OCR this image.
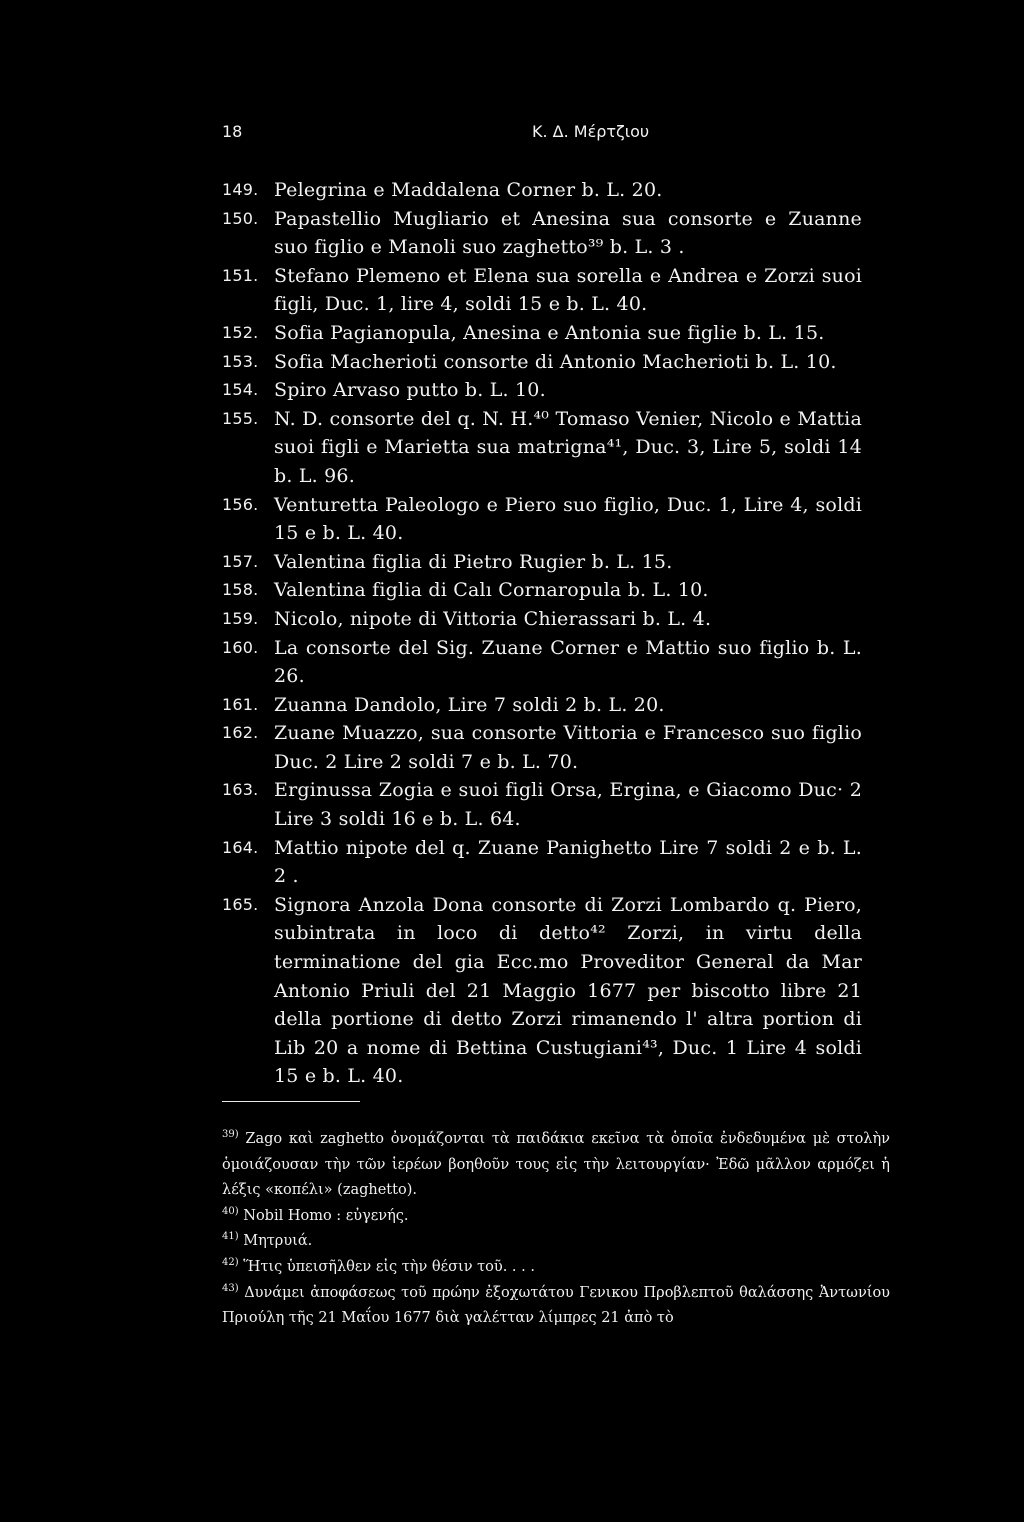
18	Κ. Δ. Μέρτζιου
149. Pelegrina e Maddalena Corner b. L. 20.
150. Papastellio Mugliario et Anesina sua consorte e Zuanne suo figlio e Manoli suo zaghetto³⁹ b. L. 3 .
151. Stefano Plemeno et Elena sua sorella e Andrea e Zorzi suoi figli, Duc. 1, lire 4, soldi 15 e b. L. 40.
152. Sofia Pagianopula, Anesina e Antonia sue figlie b. L. 15.
153. Sofia Macherioti consorte di Antonio Macherioti b. L. 10.
154. Spiro Arvaso putto b. L. 10.
155. N. D. consorte del q. N. H.⁴⁰ Tomaso Venier, Nicolo e Mattia suoi figli e Marietta sua matrigna⁴¹, Duc. 3, Lire 5, soldi 14 b. L. 96.
156. Venturetta Paleologo e Piero suo figlio, Duc. 1, Lire 4, soldi 15 e b. L. 40.
157. Valentina figlia di Pietro Rugier b. L. 15.
158. Valentina figlia di Calı Cornaropula b. L. 10.
159. Nicolo, nipote di Vittoria Chierassari b. L. 4.
160. La consorte del Sig. Zuane Corner e Mattio suo figlio b. L. 26.
161. Zuanna Dandolo, Lire 7 soldi 2 b. L. 20.
162. Zuane Muazzo, sua consorte Vittoria e Francesco suo figlio Duc. 2 Lire 2 soldi 7 e b. L. 70.
163. Erginussa Zogia e suoi figli Orsa, Ergina, e Giacomo Duc· 2 Lire 3 soldi 16 e b. L. 64.
164. Mattio nipote del q. Zuane Panighetto Lire 7 soldi 2 e b. L. 2 .
165. Signora Anzola Dona consorte di Zorzi Lombardo q. Piero, subintrata in loco di detto⁴² Zorzi, in virtu della terminatione del gia Ecc.mo Proveditor General da Mar Antonio Priuli del 21 Maggio 1677 per biscotto libre 21 della portione di detto Zorzi rimanendo l' altra portion di Lib 20 a nome di Bettina Custugiani⁴³, Duc. 1 Lire 4 soldi 15 e b. L. 40.
$^{39)}$ Zago καὶ zaghetto ὀνομάζονται τὰ παιδάκια εκεῖνα τὰ ὁποῖα ἐνδεδυμένα μὲ στολὴν ὁμοιάζουσαν τὴν τῶν ἱερέων βοηθοῦν τους εἰς τὴν λειτουργίαν· Ἐδῶ μᾶλλον αρμόζει ἡ λέξις «κοπέλι» (zaghetto).
$^{40)}$ Nobil Homo : εὐγενής.
$^{41)}$ Μητρυιά.
$^{42)}$ Ἥτις ὑπεισῆλθεν εἰς τὴν θέσιν τοῦ. . . .
$^{43)}$ Δυνάμει ἀποφάσεως τοῦ πρώην ἐξοχωτάτου Γενικου Προβλεπτοῦ θαλάσσης Ἀντωνίου Πριούλη τῆς 21 Μαΐου 1677 διὰ γαλέτταν λίμπρες 21 ἀπὸ τὸ
